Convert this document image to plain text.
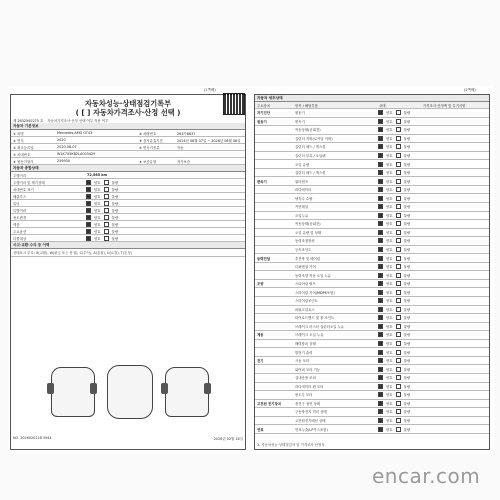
(1쪽째)
자동차성능·상태점검기록부
( [ ] 자동차가격조사·산정 선택 )
제 2632500275 호	자동차가격조사·산정 선택 여부 적용 여부
자동차 기본정보
① 차명	Mercedes-AMG GT43	④ 차량번호	263가8637
② 연식	2020	⑤ 검사유효기간	2024년 08월 07일 ~ 2026년 08월 06일
③ 최초등록일	2020-08-07	⑥ 변속기종류	자동
⑦ 차대번호	W1K7X5KB2LA003429
⑧ 원동기형식	256930	⑨ 보증유형	자가보증
자동차 종합상태
주행거리	72,565 km
주행거리 및 계기상태	양호	불량
차대번호 표기	양호	불량
배출가스	양호	불량
튜닝	양호	불량
특별이력	양호	불량
용도변경	양호	불량
색상	양호	불량
주요옵션	양호	불량
리콜대상	양호	불량
사고·교환·수리 등 이력
상태표시 부호: X(교환), W(판금 또는 용접), C(부식), A(흠집), U(요철), T(손상)
NO. 2026020218 3944	2026년 02월 18일
(2쪽째)
자동차 세부상태
주요장치	항목 / 해당부품	상태	가격조사·산정액 및 특기사항
자기진단	원동기	양호	불량
원동기	변속기	양호	불량
작동상태(공회전)	양호	불량
실린더 커버(로커암 커버)	양호	불량
실린더 헤드 / 개스킷	양호	불량
실린더 블록 / 오일팬	양호	불량
오일 유량	양호	불량
실린더 헤드 / 개스킷	양호	불량
변속기	워터펌프	양호	불량
라디에이터	양호	불량
냉각수 수량	양호	불량
커먼레일	양호	불량
오일누유	양호	불량
작동상태(공회전)	양호	불량
오일 유량 및 상태	양호	불량
동력조절장치	양호	불량
등속조인트	양호	불량
동력전달	추진축 및 베어링	양호	불량
디퍼렌셜 기어	양호	불량
동력조향 작동 오일 누유	양호	불량
조향	스티어링 펌프	양호	불량
스티어링 기어(MDPS포함)	양호	불량
스티어링조인트	양호	불량
파워고압호스	양호	불량
타이로드엔드 및 볼 조인트	양호	불량
브레이크 마스터 실린더오일 누유	양호	불량
제동	브레이크 오일 누유	양호	불량
배력장치 상태	양호	불량
발전기 출력	양호	불량
전기	시동 모터	양호	불량
와이퍼 모터 기능	양호	불량
실내송풍 모터	양호	불량
라디에이터 팬 모터	양호	불량
윈도우 모터	양호	불량
고전원 전기장치	충전구 절연 상태	양호	불량
구동축전지 격리 상태	양호	불량
고전원전기배선 상태	양호	불량
연료	연료누출(LP가스포함)	양호	불량
3. 자동차성능·상태점검자 및 가격조사·산정자
encar.com
